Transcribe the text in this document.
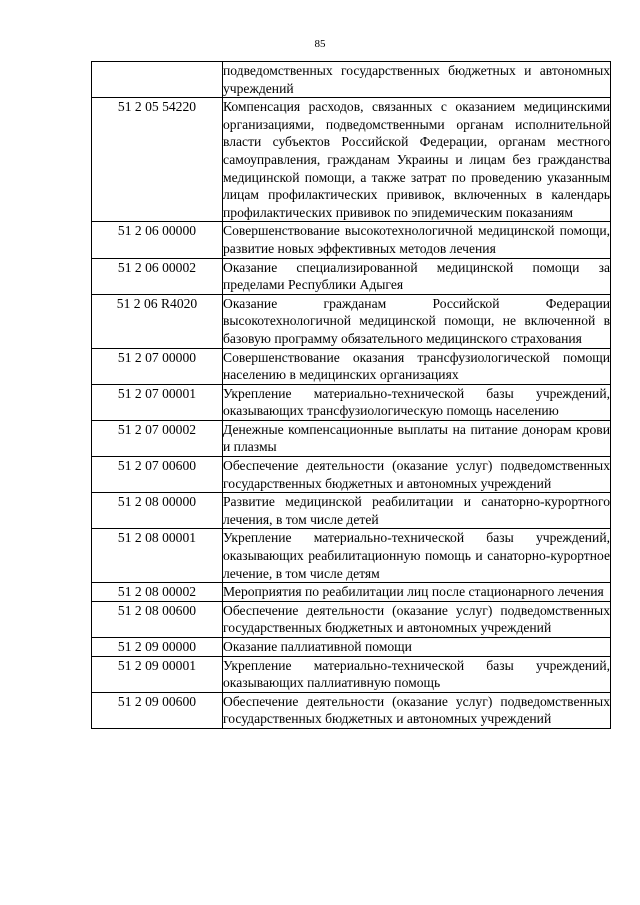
85
	подведомственных государственных бюджетных и автономных учреждений
51 2 05 54220	Компенсация расходов, связанных с оказанием медицинскими организациями, подведомственными органам исполнительной власти субъектов Российской Федерации, органам местного самоуправления, гражданам Украины и лицам без гражданства медицинской помощи, а также затрат по проведению указанным лицам профилактических прививок, включенных в календарь профилактических прививок по эпидемическим показаниям
51 2 06 00000	Совершенствование высокотехнологичной медицинской помощи, развитие новых эффективных методов лечения
51 2 06 00002	Оказание специализированной медицинской помощи за пределами Республики Адыгея
51 2 06 R4020	Оказание гражданам Российской Федерации высокотехнологичной медицинской помощи, не включенной в базовую программу обязательного медицинского страхования
51 2 07 00000	Совершенствование оказания трансфузиологической помощи населению в медицинских организациях
51 2 07 00001	Укрепление материально-технической базы учреждений, оказывающих трансфузиологическую помощь населению
51 2 07 00002	Денежные компенсационные выплаты на питание донорам крови и плазмы
51 2 07 00600	Обеспечение деятельности (оказание услуг) подведомственных государственных бюджетных и автономных учреждений
51 2 08 00000	Развитие медицинской реабилитации и санаторно-курортного лечения, в том числе детей
51 2 08 00001	Укрепление материально-технической базы учреждений, оказывающих реабилитационную помощь и санаторно-курортное лечение, в том числе детям
51 2 08 00002	Мероприятия по реабилитации лиц после стационарного лечения
51 2 08 00600	Обеспечение деятельности (оказание услуг) подведомственных государственных бюджетных и автономных учреждений
51 2 09 00000	Оказание паллиативной помощи
51 2 09 00001	Укрепление материально-технической базы учреждений, оказывающих паллиативную помощь
51 2 09 00600	Обеспечение деятельности (оказание услуг) подведомственных государственных бюджетных и автономных учреждений
